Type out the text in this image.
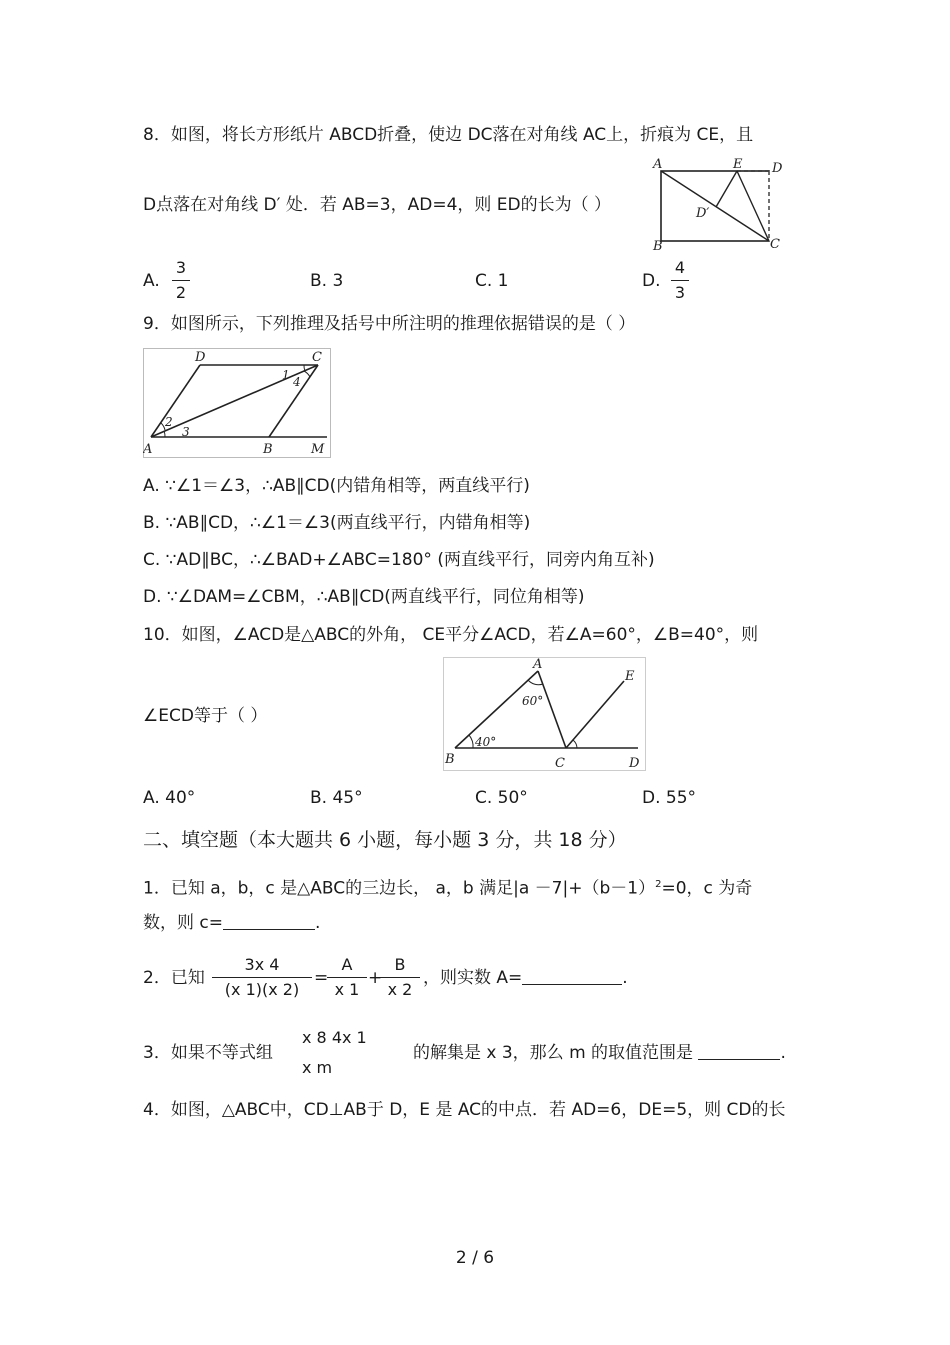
8．如图，将长方形纸片 ABCD折叠，使边 DC落在对角线 AC上，折痕为 CE，且
A	E D
D′
B	C
D点落在对角线 D′ 处．若 AB=3，AD=4，则 ED的长为（ ）
A.
3
2
B. 3	C. 1	D.
4
3
9．如图所示，下列推理及括号中所注明的推理依据错误的是（ ）
D	C
1 4
2
3
A	B	M
A. ∵∠1＝∠3，∴AB∥CD(内错角相等，两直线平行)
B. ∵AB∥CD，∴∠1＝∠3(两直线平行，内错角相等)
C. ∵AD∥BC，∴∠BAD+∠ABC=180° (两直线平行，同旁内角互补)
D. ∵∠DAM=∠CBM，∴AB∥CD(两直线平行，同位角相等)
10．如图，∠ACD是△ABC的外角， CE平分∠ACD，若∠A=60°，∠B=40°，则
A
E
60°
40°
B	C	D
∠ECD等于（ ）
A. 40°	B. 45°	C. 50°	D. 55°
二、填空题（本大题共 6 小题，每小题 3 分，共 18 分）
1．已知 a，b，c 是△ABC的三边长， a，b 满足$|a -7|+(b-1)^2=0$，c 为奇
数，则 c=	.
2．已知
3x 4
(x 1)(x 2)
=
A
x 1
+
B
x 2
，则实数 A=	.
3．如果不等式组
x 8 4x 1
x m
的解集是 x 3，那么 m 的取值范围是	.
4．如图，△ABC中，CD⊥AB于 D，E 是 AC的中点．若 AD=6，DE=5，则 CD的长
2 / 6
